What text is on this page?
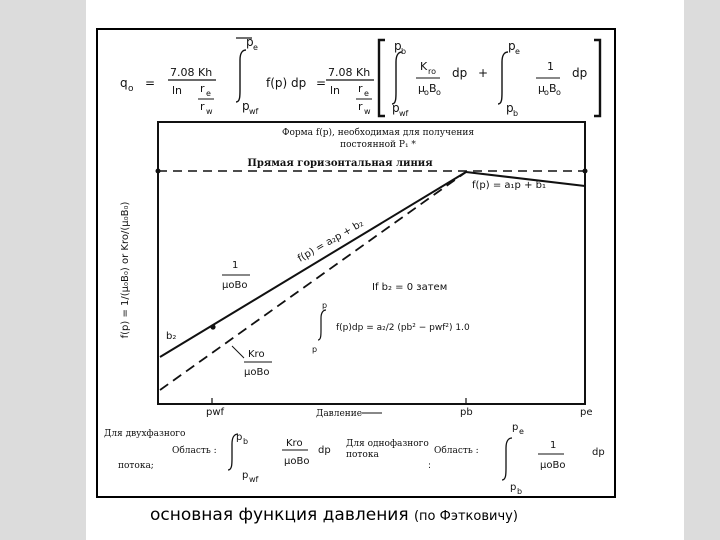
q o =
7.08 Kh
ln r e
r w
p e
p wf
f(p) dp =
7.08 Kh
ln r e
r w
p b
p wf
K ro
μ o B o
dp +
p e
p b
1
μ o B o
dp
Форма f(p), необходимая для получения
постоянной P₁ *
Прямая горизонтальная линия
f(p) = a₂p + b₂
f(p) = a₁p + b₁
b₂
1
μoBo
Kro
μoBo
If b₂ = 0 затем
p
p
f(p)dp = a₂/2 (pb² − pwf²) 1.0
f(p) = 1/(μ₀B₀) or Kro/(μ₀B₀)
pwf	pb	pe
Давление
Для двухфазного
Область :
потока;
p b
p wf
Kro
μoBo
dp
Для однофазного
потока	Область :
:
p e
p b
1
μoBo
dp
основная функция давления (по Фэтковичу)
